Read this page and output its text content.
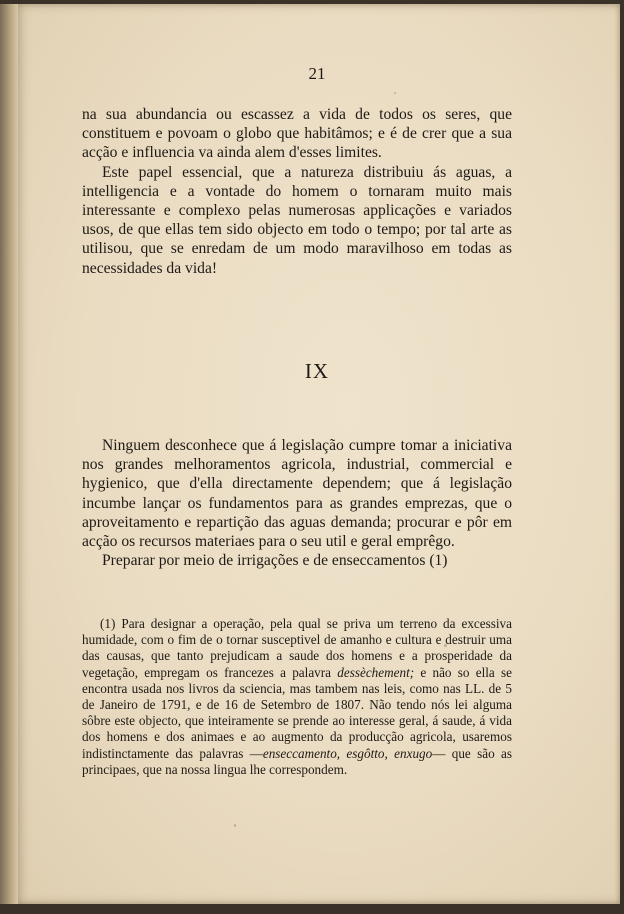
21

na sua abundancia ou escassez a vida de todos os seres, que constituem e povoam o globo que habitâmos; e é de crer que a sua acção e influencia va ainda alem d'esses limites.

Este papel essencial, que a natureza distribuiu ás aguas, a intelligencia e a vontade do homem o tornaram muito mais interessante e complexo pelas numerosas applicações e variados usos, de que ellas tem sido objecto em todo o tempo; por tal arte as utilisou, que se enredam de um modo maravilhoso em todas as necessidades da vida!

IX

Ninguem desconhece que á legislação cumpre tomar a iniciativa nos grandes melhoramentos agricola, industrial, commercial e hygienico, que d'ella directamente dependem; que á legislação incumbe lançar os fundamentos para as grandes emprezas, que o aproveitamento e repartição das aguas demanda; procurar e pôr em acção os recursos materiaes para o seu util e geral emprêgo.

Preparar por meio de irrigações e de enseccamentos (1)

(1) Para designar a operação, pela qual se priva um terreno da excessiva humidade, com o fim de o tornar susceptivel de amanho e cultura e destruir uma das causas, que tanto prejudicam a saude dos homens e a prosperidade da vegetação, empregam os francezes a palavra dessèchement; e não so ella se encontra usada nos livros da sciencia, mas tambem nas leis, como nas LL. de 5 de Janeiro de 1791, e de 16 de Setembro de 1807. Não tendo nós lei alguma sôbre este objecto, que inteiramente se prende ao interesse geral, á saude, á vida dos homens e dos animaes e ao augmento da producção agricola, usaremos indistinctamente das palavras —enseccamento, esgôtto, enxugo— que são as principaes, que na nossa lingua lhe correspondem.
